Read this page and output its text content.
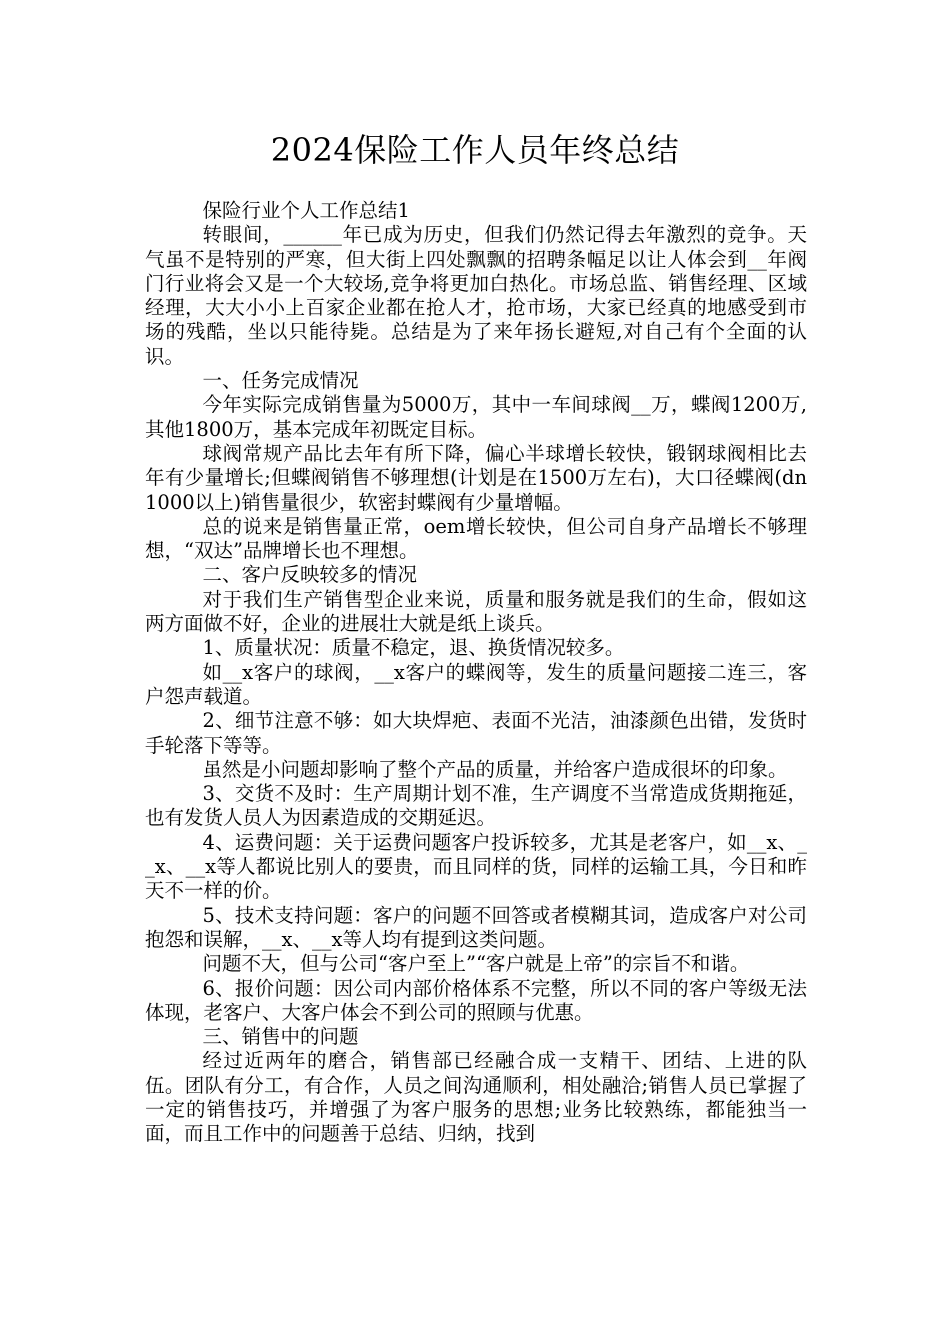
2024保险工作人员年终总结

保险行业个人工作总结1

转眼间，______年已成为历史，但我们仍然记得去年激烈的竞争。天气虽不是特别的严寒，但大街上四处飘飘的招聘条幅足以让人体会到__年阀门行业将会又是一个大较场,竞争将更加白热化。市场总监、销售经理、区域经理，大大小小上百家企业都在抢人才，抢市场，大家已经真的地感受到市场的残酷，坐以只能待毙。总结是为了来年扬长避短,对自己有个全面的认识。

一、任务完成情况

今年实际完成销售量为5000万，其中一车间球阀__万，蝶阀1200万,其他1800万，基本完成年初既定目标。

球阀常规产品比去年有所下降，偏心半球增长较快，锻钢球阀相比去年有少量增长;但蝶阀销售不够理想(计划是在1500万左右)，大口径蝶阀(dn1000以上)销售量很少，软密封蝶阀有少量增幅。

总的说来是销售量正常，oem增长较快，但公司自身产品增长不够理想，“双达”品牌增长也不理想。

二、客户反映较多的情况

对于我们生产销售型企业来说，质量和服务就是我们的生命，假如这两方面做不好，企业的进展壮大就是纸上谈兵。

1、质量状况：质量不稳定，退、换货情况较多。

如__x客户的球阀，__x客户的蝶阀等，发生的质量问题接二连三，客户怨声载道。

2、细节注意不够：如大块焊疤、表面不光洁，油漆颜色出错，发货时手轮落下等等。

虽然是小问题却影响了整个产品的质量，并给客户造成很坏的印象。

3、交货不及时：生产周期计划不准，生产调度不当常造成货期拖延，也有发货人员人为因素造成的交期延迟。

4、运费问题：关于运费问题客户投诉较多，尤其是老客户，如__x、__x、__x等人都说比别人的要贵，而且同样的货，同样的运输工具，今日和昨天不一样的价。

5、技术支持问题：客户的问题不回答或者模糊其词，造成客户对公司抱怨和误解，__x、__x等人均有提到这类问题。

问题不大，但与公司“客户至上”“客户就是上帝”的宗旨不和谐。

6、报价问题：因公司内部价格体系不完整，所以不同的客户等级无法体现，老客户、大客户体会不到公司的照顾与优惠。

三、销售中的问题

经过近两年的磨合，销售部已经融合成一支精干、团结、上进的队伍。团队有分工，有合作，人员之间沟通顺利，相处融洽;销售人员已掌握了一定的销售技巧，并增强了为客户服务的思想;业务比较熟练，都能独当一面，而且工作中的问题善于总结、归纳，找到
